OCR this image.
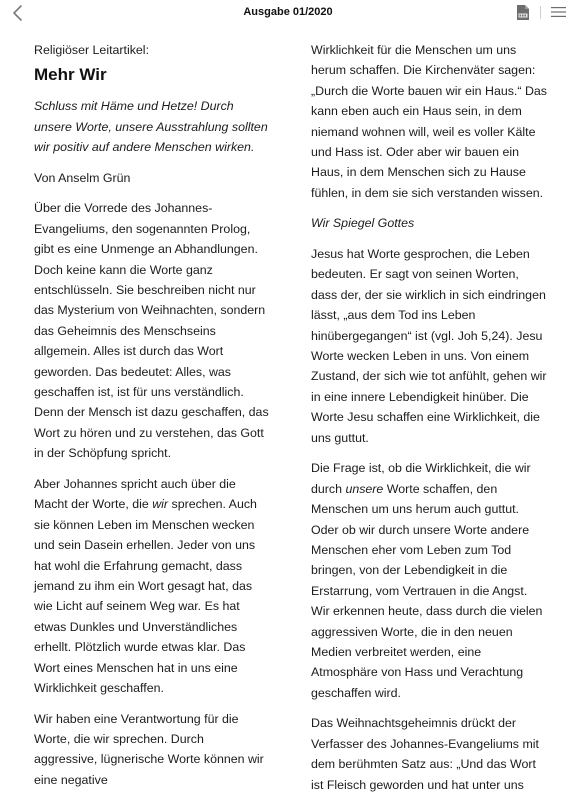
Ausgabe 01/2020

Religiöser Leitartikel:

Mehr Wir

Schluss mit Häme und Hetze! Durch unsere Worte, unsere Ausstrahlung sollten wir positiv auf andere Menschen wirken.

Von Anselm Grün

Über die Vorrede des Johannes-Evangeliums, den sogenannten Prolog, gibt es eine Unmenge an Abhandlungen. Doch keine kann die Worte ganz entschlüsseln. Sie beschreiben nicht nur das Mysterium von Weihnachten, sondern das Geheimnis des Menschseins allgemein. Alles ist durch das Wort geworden. Das bedeutet: Alles, was geschaffen ist, ist für uns verständlich. Denn der Mensch ist dazu geschaffen, das Wort zu hören und zu verstehen, das Gott in der Schöpfung spricht.

Aber Johannes spricht auch über die Macht der Worte, die wir sprechen. Auch sie können Leben im Menschen wecken und sein Dasein erhellen. Jeder von uns hat wohl die Erfahrung gemacht, dass jemand zu ihm ein Wort gesagt hat, das wie Licht auf seinem Weg war. Es hat etwas Dunkles und Unverständliches erhellt. Plötzlich wurde etwas klar. Das Wort eines Menschen hat in uns eine Wirklichkeit geschaffen.

Wir haben eine Verantwortung für die Worte, die wir sprechen. Durch aggressive, lügnerische Worte können wir eine negative

Wirklichkeit für die Menschen um uns herum schaffen. Die Kirchenväter sagen: „Durch die Worte bauen wir ein Haus.“ Das kann eben auch ein Haus sein, in dem niemand wohnen will, weil es voller Kälte und Hass ist. Oder aber wir bauen ein Haus, in dem Menschen sich zu Hause fühlen, in dem sie sich verstanden wissen.

Wir Spiegel Gottes

Jesus hat Worte gesprochen, die Leben bedeuten. Er sagt von seinen Worten, dass der, der sie wirklich in sich eindringen lässt, „aus dem Tod ins Leben hinübergegangen“ ist (vgl. Joh 5,24). Jesu Worte wecken Leben in uns. Von einem Zustand, der sich wie tot anfühlt, gehen wir in eine innere Lebendigkeit hinüber. Die Worte Jesu schaffen eine Wirklichkeit, die uns guttut.

Die Frage ist, ob die Wirklichkeit, die wir durch unsere Worte schaffen, den Menschen um uns herum auch guttut. Oder ob wir durch unsere Worte andere Menschen eher vom Leben zum Tod bringen, von der Lebendigkeit in die Erstarrung, vom Vertrauen in die Angst. Wir erkennen heute, dass durch die vielen aggressiven Worte, die in den neuen Medien verbreitet werden, eine Atmosphäre von Hass und Verachtung geschaffen wird.

Das Weihnachtsgeheimnis drückt der Verfasser des Johannes-Evangeliums mit dem berühmten Satz aus: „Und das Wort ist Fleisch geworden und hat unter uns
